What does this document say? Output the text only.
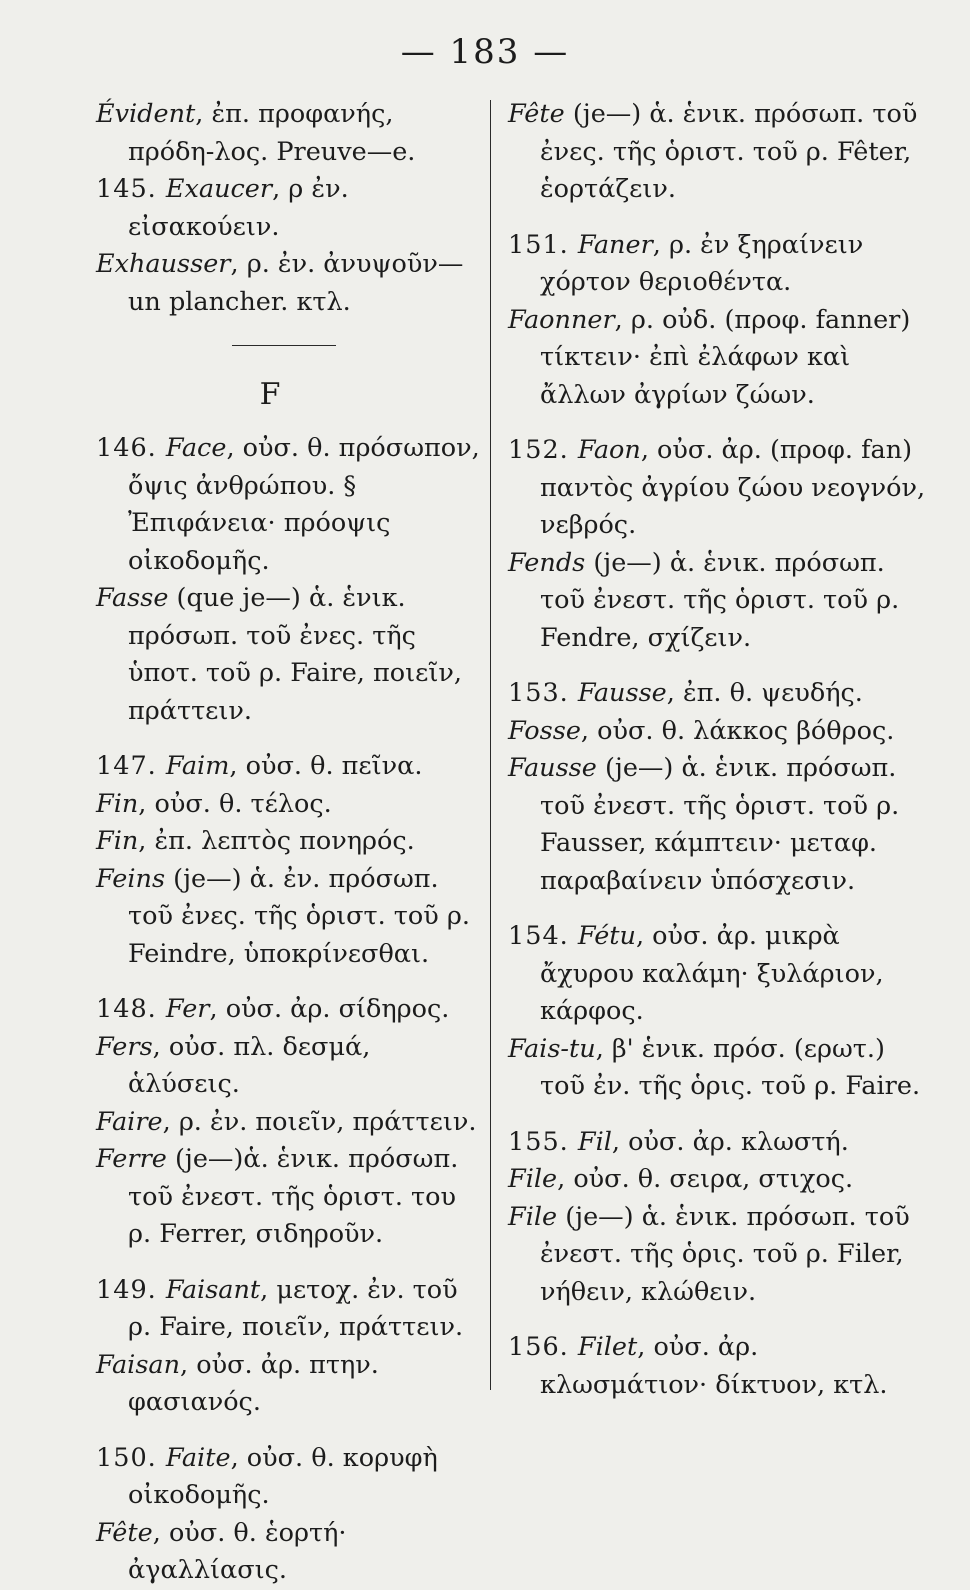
— 183 —

Évident, ἐπ. προφανής, πρόδη-λος. Preuve—e.

145. Exaucer, ρ ἐν. εἰσακούειν.

Exhausser, ρ. ἐν. ἀνυψοῦν— un plancher. κτλ.

F

146. Face, οὐσ. θ. πρόσωπον, ὄψις ἀνθρώπου. § Ἐπιφάνεια· πρόοψις οἰκοδομῆς.

Fasse (que je—) ἁ. ἑνικ. πρόσωπ. τοῦ ἐνες. τῆς ὑποτ. τοῦ ρ. Faire, ποιεῖν, πράττειν.

147. Faim, οὐσ. θ. πεῖνα.

Fin, οὐσ. θ. τέλος.

Fin, ἐπ. λεπτὸς πονηρός.

Feins (je—) ἁ. ἐν. πρόσωπ. τοῦ ἐνες. τῆς ὁριστ. τοῦ ρ. Feindre, ὑποκρίνεσθαι.

148. Fer, οὐσ. ἀρ. σίδηρος.

Fers, οὐσ. πλ. δεσμά, ἁλύσεις.

Faire, ρ. ἐν. ποιεῖν, πράττειν.

Ferre (je—)ἁ. ἑνικ. πρόσωπ. τοῦ ἐνεστ. τῆς ὁριστ. του ρ. Ferrer, σιδηροῦν.

149. Faisant, μετοχ. ἐν. τοῦ ρ. Faire, ποιεῖν, πράττειν.

Faisan, οὐσ. ἀρ. πτην. φασιανός.

150. Faite, οὐσ. θ. κορυφὴ οἰκοδομῆς.

Fête, οὐσ. θ. ἑορτή· ἀγαλλίασις.

Fête (je—) ἁ. ἑνικ. πρόσωπ. τοῦ ἐνες. τῆς ὁριστ. τοῦ ρ. Fêter, ἑορτάζειν.

151. Faner, ρ. ἐν ξηραίνειν χόρτον θεριοθέντα.

Faonner, ρ. οὐδ. (προφ. fanner) τίκτειν· ἐπὶ ἐλάφων καὶ ἄλλων ἀγρίων ζώων.

152. Faon, οὐσ. ἀρ. (προφ. fan) παντὸς ἀγρίου ζώου νεογνόν, νεβρός.

Fends (je—) ἁ. ἑνικ. πρόσωπ. τοῦ ἐνεστ. τῆς ὁριστ. τοῦ ρ. Fendre, σχίζειν.

153. Fausse, ἐπ. θ. ψευδής.

Fosse, οὐσ. θ. λάκκος βόθρος.

Fausse (je—) ἁ. ἑνικ. πρόσωπ. τοῦ ἐνεστ. τῆς ὁριστ. τοῦ ρ. Fausser, κάμπτειν· μεταφ. παραβαίνειν ὑπόσχεσιν.

154. Fétu, οὐσ. ἀρ. μικρὰ ἄχυρου καλάμη· ξυλάριον, κάρφος.

Fais-tu, β' ἑνικ. πρόσ. (ερωτ.) τοῦ ἐν. τῆς ὁρις. τοῦ ρ. Faire.

155. Fil, οὐσ. ἀρ. κλωστή.

File, οὐσ. θ. σειρα, στιχος.

File (je—) ἁ. ἑνικ. πρόσωπ. τοῦ ἐνεστ. τῆς ὁρις. τοῦ ρ. Filer, νήθειν, κλώθειν.

156. Filet, οὐσ. ἀρ. κλωσμάτιον· δίκτυον, κτλ.
